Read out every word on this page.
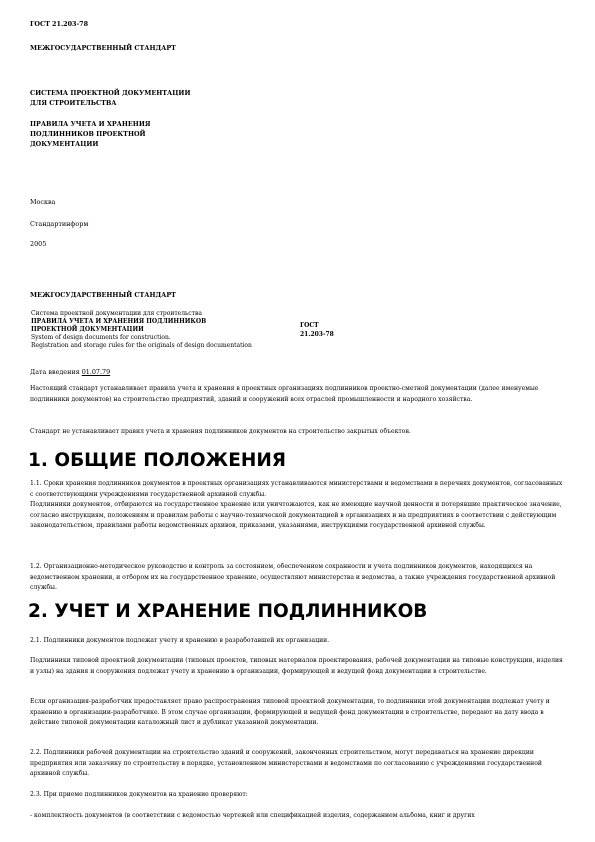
ГОСТ 21.203-78
МЕЖГОСУДАРСТВЕННЫЙ СТАНДАРТ
СИСТЕМА ПРОЕКТНОЙ ДОКУМЕНТАЦИИ
ДЛЯ СТРОИТЕЛЬСТВА
ПРАВИЛА УЧЕТА И ХРАНЕНИЯ
ПОДЛИННИКОВ ПРОЕКТНОЙ
ДОКУМЕНТАЦИИ
Москва
Стандартинформ
2005
МЕЖГОСУДАРСТВЕННЫЙ СТАНДАРТ
Система проектной документации для строительства
ПРАВИЛА УЧЕТА И ХРАНЕНИЯ ПОДЛИННИКОВ
ПРОЕКТНОЙ ДОКУМЕНТАЦИИ
System of design documents for construction.
Registration and storage rules for the originals of design documentation
ГОСТ
21.203-78
Дата введения 01.07.79
Настоящий стандарт устанавливает правила учета и хранения в проектных организациях подлинников проектно-сметной документации (далее именуемые подлинники документов) на строительство предприятий, зданий и сооружений всех отраслей промышленности и народного хозяйства.
Стандарт не устанавливает правил учета и хранения подлинников документов на строительство закрытых объектов.
1. ОБЩИЕ ПОЛОЖЕНИЯ
1.1. Сроки хранения подлинников документов в проектных организациях устанавливаются министерствами и ведомствами в перечнях документов, согласованных с соответствующими учреждениями государственной архивной службы.
Подлинники документов, отбираются на государственное хранение или уничтожаются, как не имеющие научной ценности и потерявшие практическое значение, согласно инструкциям, положениям и правилам работы с научно-технической документацией в организациях и на предприятиях в соответствии с действующим законодательством, правилами работы ведомственных архивов, приказами, указаниями, инструкциями государственной архивной службы.
1.2. Организационно-методическое руководство и контроль за состоянием, обеспечением сохранности и учета подлинников документов, находящихся на ведомственном хранении, и отбором их на государственное хранение, осуществляют министерства и ведомства, а также учреждения государственной архивной службы.
2. УЧЕТ И ХРАНЕНИЕ ПОДЛИННИКОВ
2.1. Подлинники документов подлежат учету и хранению в разработавшей их организации.
Подлинники типовой проектной документации (типовых проектов, типовых материалов проектирования, рабочей документации на типовые конструкции, изделия и узлы) на здания и сооружения подлежат учету и хранению в организации, формирующей и ведущей фонд документации в строительстве.
Если организация-разработчик предоставляет право распространения типовой проектной документации, то подлинники этой документации подлежат учету и хранению в организации-разработчике. В этом случае организации, формирующей и ведущей фонд документации в строительстве, передают на дату ввода в действие типовой документации каталожный лист и дубликат указанной документации.
2.2. Подлинники рабочей документации на строительство зданий и сооружений, законченных строительством, могут передаваться на хранение дирекции предприятия или заказчику по строительству в порядке, установленном министерствами и ведомствами по согласованию с учреждениями государственной архивной службы.
2.3. При приеме подлинников документов на хранение проверяют:
- комплектность документов (в соответствии с ведомостью чертежей или спецификацией изделия, содержанием альбома, книг и других
